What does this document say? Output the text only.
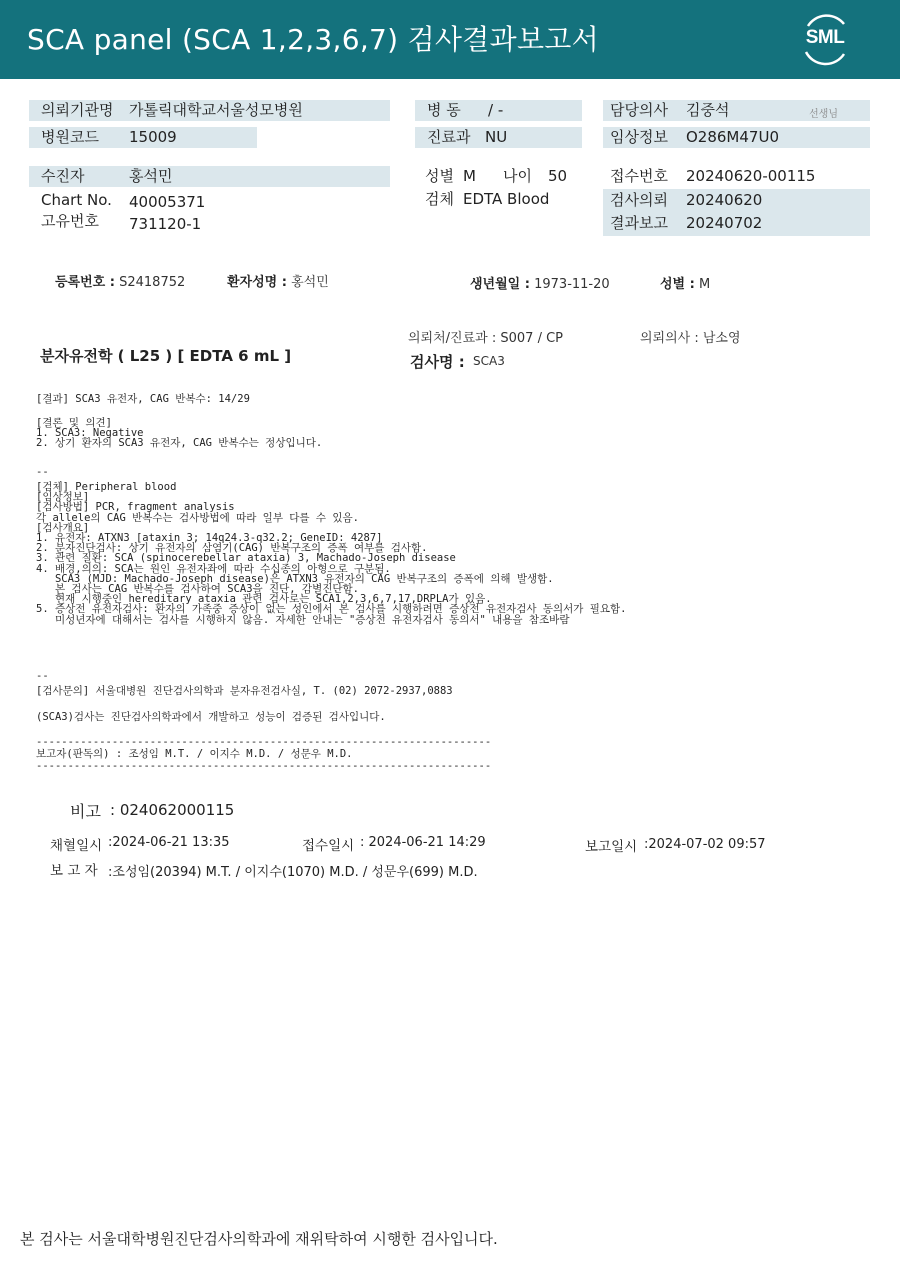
SCA panel (SCA 1,2,3,6,7) 검사결과보고서	SML
의뢰기관명 가톨릭대학교서울성모병원
병원코드 15009
병 동 / -
진료과 NU
담당의사 김중석	선생님
임상정보 O286M47U0
수진자	홍석민
Chart No. 40005371
고유번호 731120-1
성별 M 나이 50
검체 EDTA Blood
접수번호 20240620-00115
검사의뢰 20240620
결과보고 20240702
등록번호 : S2418752	환자성명 : 홍석민	생년월일 : 1973-11-20	성별 : M
의뢰처/진료과 : S007 / CP	의뢰의사 : 남소영
분자유전학 ( L25 ) [ EDTA 6 mL ]	검사명 : SCA3
[결과] SCA3 유전자, CAG 반복수: 14/29
[결론 및 의견]
1. SCA3: Negative
2. 상기 환자의 SCA3 유전자, CAG 반복수는 정상입니다.
--
[검체] Peripheral blood
[임상정보]
[검사방법] PCR, fragment analysis
각 allele의 CAG 반복수는 검사방법에 따라 일부 다를 수 있음.
[검사개요]
1. 유전자: ATXN3 [ataxin 3; 14q24.3-q32.2; GeneID: 4287]
2. 분자진단검사: 상기 유전자의 삼염기(CAG) 반복구조의 증폭 여부를 검사함.
3. 관련 질환: SCA (spinocerebellar ataxia) 3, Machado-Joseph disease
4. 배경,의의: SCA는 원인 유전자좌에 따라 수십종의 아형으로 구분됨.
SCA3 (MJD: Machado-Joseph disease)은 ATXN3 유전자의 CAG 반복구조의 증폭에 의해 발생함.
본 검사는 CAG 반복수를 검사하여 SCA3을 진단, 감별진단함.
현재 시행중인 hereditary ataxia 관련 검사로는 SCA1,2,3,6,7,17,DRPLA가 있음.
5. 증상전 유전자검사: 환자의 가족중 증상이 없는 성인에서 본 검사를 시행하려면 증상전 유전자검사 동의서가 필요함.
미성년자에 대해서는 검사를 시행하지 않음. 자세한 안내는 "증상전 유전자검사 동의서" 내용을 참조바람
--
[검사문의] 서울대병원 진단검사의학과 분자유전검사실, T. (02) 2072-2937,0883
(SCA3)검사는 진단검사의학과에서 개발하고 성능이 검증된 검사입니다.
------------------------------------------------------------------------
보고자(판독의) : 조성임 M.T. / 이지수 M.D. / 성문우 M.D.
------------------------------------------------------------------------
비고 : 024062000115
채혈일시 :2024-06-21 13:35	접수일시 : 2024-06-21 14:29	보고일시 :2024-07-02 09:57
보 고 자 :조성임(20394) M.T. / 이지수(1070) M.D. / 성문우(699) M.D.
본 검사는 서울대학병원진단검사의학과에 재위탁하여 시행한 검사입니다.
